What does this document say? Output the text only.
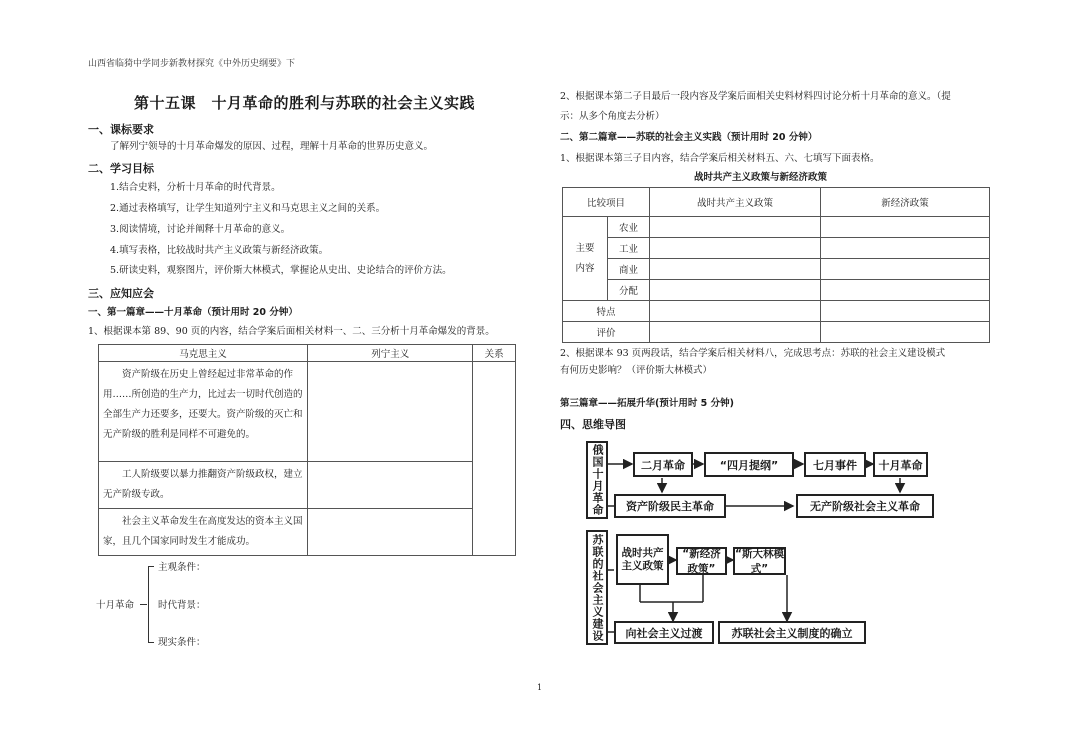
山西省临猗中学同步新教材探究《中外历史纲要》下
第十五课　十月革命的胜利与苏联的社会主义实践
一、课标要求
了解列宁领导的十月革命爆发的原因、过程，理解十月革命的世界历史意义。
二、学习目标
1.结合史料，分析十月革命的时代背景。
2.通过表格填写，让学生知道列宁主义和马克思主义之间的关系。
3.阅读情境，讨论并阐释十月革命的意义。
4.填写表格，比较战时共产主义政策与新经济政策。
5.研读史料，观察图片，评价斯大林模式，掌握论从史出、史论结合的评价方法。
三、应知应会
一、第一篇章——十月革命（预计用时 20 分钟）
1、根据课本第 89、90 页的内容，结合学案后面相关材料一、二、三分析十月革命爆发的背景。
马克思主义	列宁主义	关系

资产阶级在历史上曾经起过非常革命的作用……所创造的生产力，比过去一切时代创造的全部生产力还要多，还要大。资产阶级的灭亡和无产阶级的胜利是同样不可避免的。		

工人阶级要以暴力推翻资产阶级政权，建立无产阶级专政。		

社会主义革命发生在高度发达的资本主义国家，且几个国家同时发生才能成功。		

十月革命
主观条件：
时代背景：
现实条件：
2、根据课本第二子目最后一段内容及学案后面相关史料材料四讨论分析十月革命的意义。（提
示：从多个角度去分析）
二、第二篇章——苏联的社会主义实践（预计用时 20 分钟）
1、根据课本第三子目内容，结合学案后相关材料五、六、七填写下面表格。
战时共产主义政策与新经济政策
比较项目		战时共产主义政策	新经济政策
主要
内容	农业		
	工业		
	商业		
	分配		
特点			
评价			
2、根据课本 93 页两段话，结合学案后相关材料八，完成思考点：苏联的社会主义建设模式
有何历史影响？（评价斯大林模式）
第三篇章——拓展升华(预计用时 5 分钟)
四、思维导图
俄国十月革命	二月革命	“四月提纲”	七月事件	十月革命
资产阶级民主革命	无产阶级社会主义革命
苏联的社会主义建设	战时共产主义政策
“新经济政策”
“斯大林模式”
向社会主义过渡	苏联社会主义制度的确立
1
